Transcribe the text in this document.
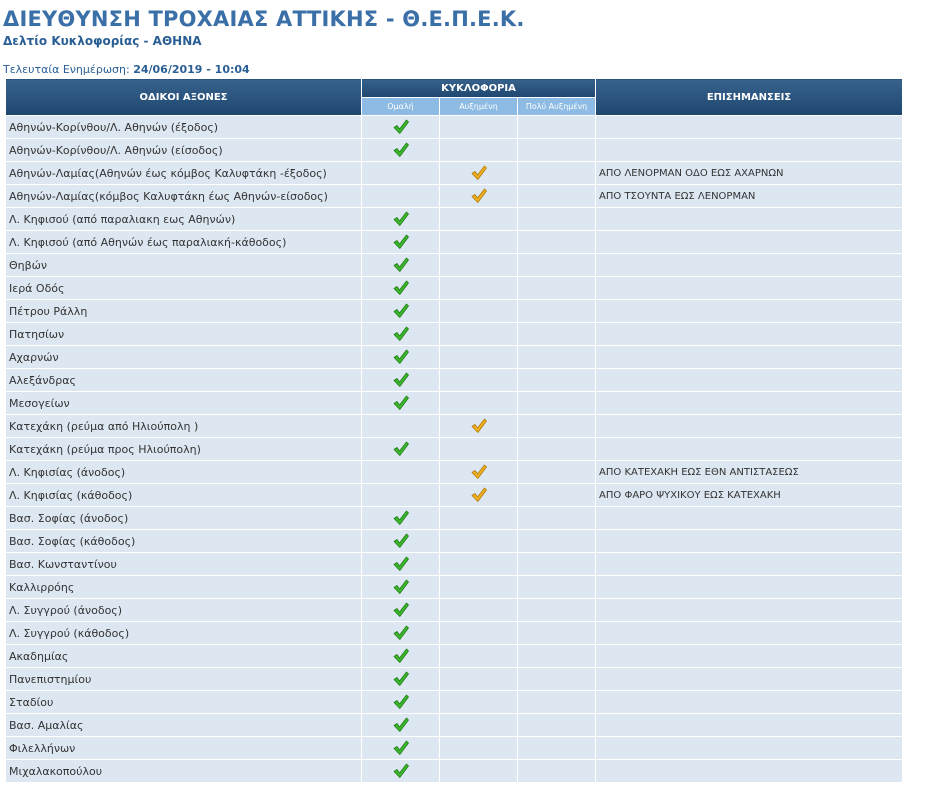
ΔΙΕΥΘΥΝΣΗ ΤΡΟΧΑΙΑΣ ΑΤΤΙΚΗΣ - Θ.Ε.Π.Ε.Κ.
Δελτίο Κυκλοφορίας - ΑΘΗΝΑ
Τελευταία Ενημέρωση: 24/06/2019 - 10:04
ΟΔΙΚΟΙ ΑΞΟΝΕΣ	ΚΥΚΛΟΦΟΡΙΑ			ΕΠΙΣΗΜΑΝΣΕΙΣ
	Ομαλή	Αυξημένη	Πολύ Αυξημένη	
Αθηνών-Κορίνθου/Λ. Αθηνών (έξοδος)				
Αθηνών-Κορίνθου/Λ. Αθηνών (είσοδος)				
Αθηνών-Λαμίας(Αθηνών έως κόμβος Καλυφτάκη -έξοδος)				ΑΠΟ ΛΕΝΟΡΜΑΝ ΟΔΟ ΕΩΣ ΑΧΑΡΝΩΝ
Αθηνών-Λαμίας(κόμβος Καλυφτάκη έως Αθηνών-είσοδος)				ΑΠΟ ΤΣΟΥΝΤΑ ΕΩΣ ΛΕΝΟΡΜΑΝ
Λ. Κηφισού (από παραλιακη εως Αθηνών)				
Λ. Κηφισού (από Αθηνών έως παραλιακή-κάθοδος)				
Θηβών				
Ιερά Οδός				
Πέτρου Ράλλη				
Πατησίων				
Αχαρνών				
Αλεξάνδρας				
Μεσογείων				
Κατεχάκη (ρεύμα από Ηλιούπολη )				
Κατεχάκη (ρεύμα προς Ηλιούπολη)				
Λ. Κηφισίας (άνοδος)				ΑΠΟ ΚΑΤΕΧΑΚΗ ΕΩΣ ΕΘΝ ΑΝΤΙΣΤΑΣΕΩΣ
Λ. Κηφισίας (κάθοδος)				ΑΠΟ ΦΑΡΟ ΨΥΧΙΚΟΥ ΕΩΣ ΚΑΤΕΧΑΚΗ
Βασ. Σοφίας (άνοδος)				
Βασ. Σοφίας (κάθοδος)				
Βασ. Κωνσταντίνου				
Καλλιρρόης				
Λ. Συγγρού (άνοδος)				
Λ. Συγγρού (κάθοδος)				
Ακαδημίας				
Πανεπιστημίου				
Σταδίου				
Βασ. Αμαλίας				
Φιλελλήνων				
Μιχαλακοπούλου				
